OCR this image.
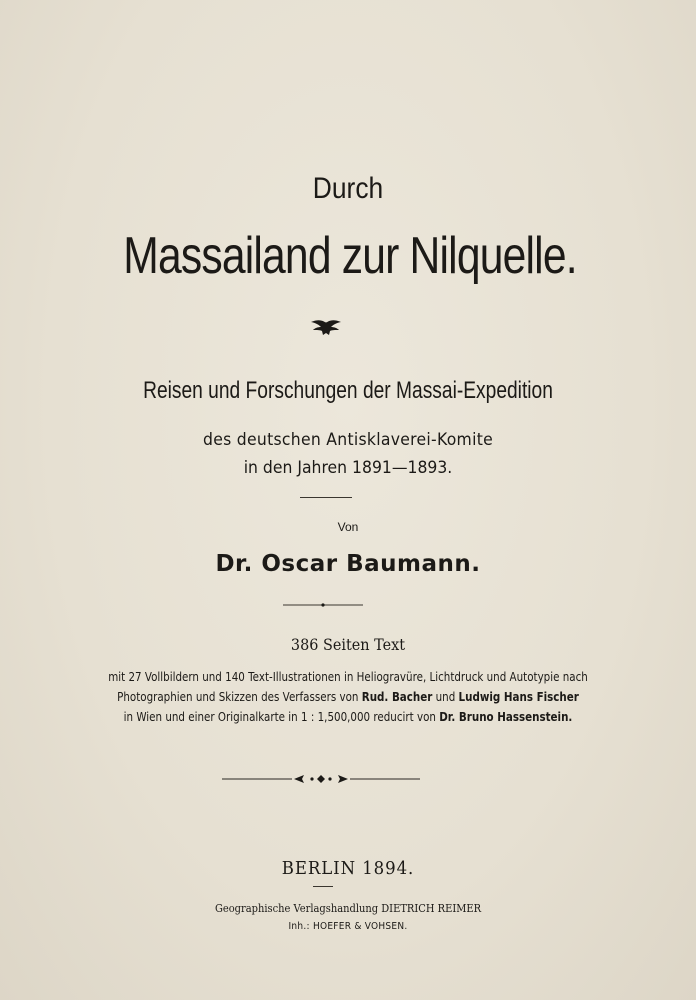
Durch
Massailand zur Nilquelle.
Reisen und Forschungen der Massai-Expedition
des deutschen Antisklaverei-Komite
in den Jahren 1891—1893.
Von
Dr. Oscar Baumann.
386 Seiten Text
mit 27 Vollbildern und 140 Text-Illustrationen in Heliogravüre, Lichtdruck und Autotypie nach
Photographien und Skizzen des Verfassers von Rud. Bacher und Ludwig Hans Fischer
in Wien und einer Originalkarte in 1 : 1,500,000 reducirt von Dr. Bruno Hassenstein.
BERLIN 1894.
Geographische Verlagshandlung DIETRICH REIMER
Inh.: HOEFER & VOHSEN.
